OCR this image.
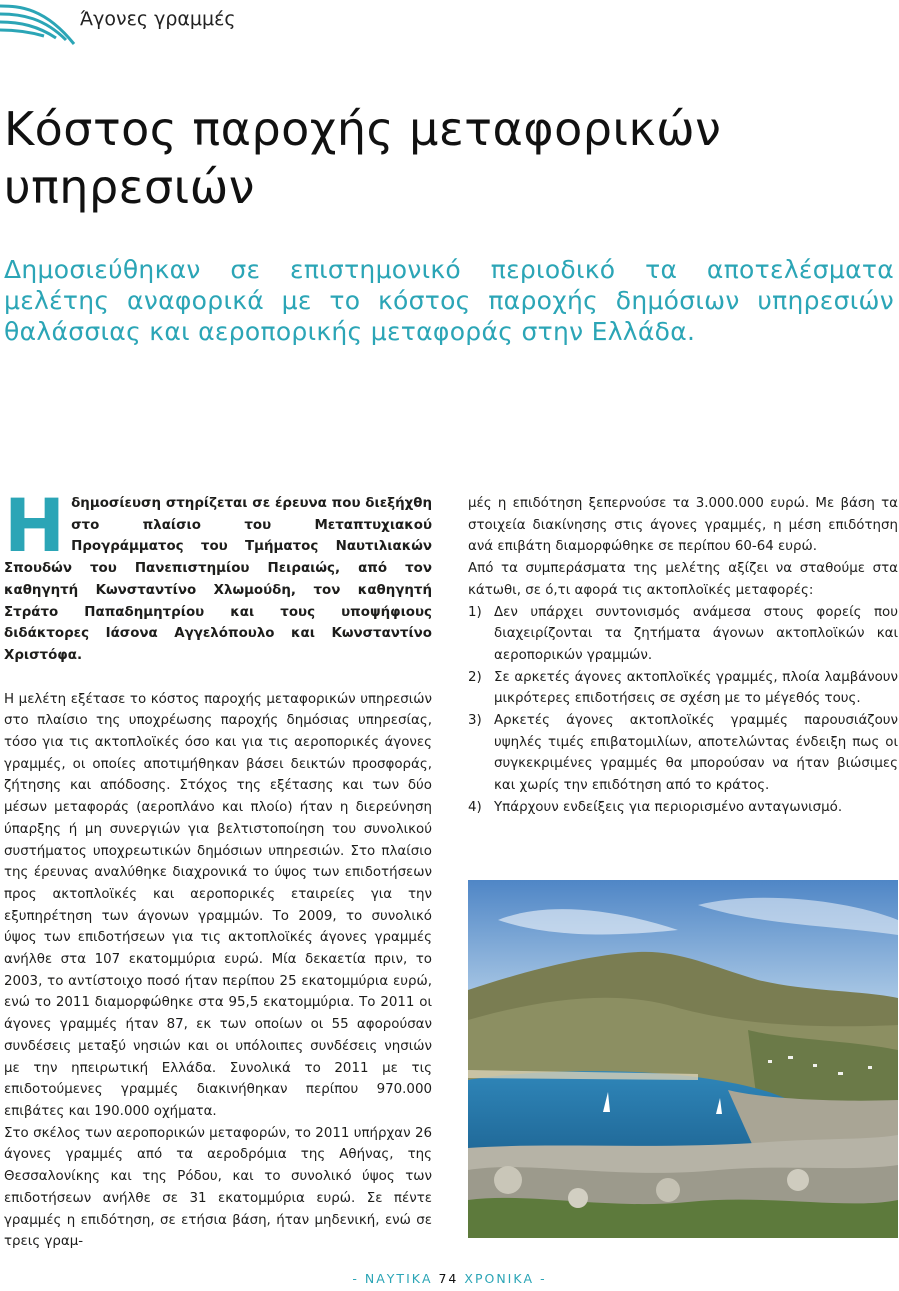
Άγονες γραμμές
Κόστος παροχής μεταφορικών
υπηρεσιών
Δημοσιεύθηκαν σε επιστημονικό περιοδικό τα αποτελέσματα μελέτης αναφορικά με το κόστος παροχής δημόσιων υπηρεσιών θαλάσσιας και αεροπορικής μεταφοράς στην Ελλάδα.

Ηδημοσίευση στηρίζεται σε έρευνα που διεξήχθη στο πλαίσιο του Μεταπτυχιακού Προγράμματος του Τμήματος Ναυτιλιακών Σπουδών του Πανεπιστημίου Πειραιώς, από τον καθηγητή Κωνσταντίνο Χλωμούδη, τον καθηγητή Στράτο Παπαδημητρίου και τους υποψήφιους διδάκτορες Ιάσονα Αγγελόπουλο και Κωνσταντίνο Χριστόφα.

Η μελέτη εξέτασε το κόστος παροχής μεταφορικών υπηρεσιών στο πλαίσιο της υποχρέωσης παροχής δημόσιας υπηρεσίας, τόσο για τις ακτοπλοϊκές όσο και για τις αεροπορικές άγονες γραμμές, οι οποίες αποτιμήθηκαν βάσει δεικτών προσφοράς, ζήτησης και απόδοσης. Στόχος της εξέτασης και των δύο μέσων μεταφοράς (αεροπλάνο και πλοίο) ήταν η διερεύνηση ύπαρξης ή μη συνεργιών για βελτιστοποίηση του συνολικού συστήματος υποχρεωτικών δημόσιων υπηρεσιών. Στο πλαίσιο της έρευνας αναλύθηκε διαχρονικά το ύψος των επιδοτήσεων προς ακτοπλοϊκές και αεροπορικές εταιρείες για την εξυπηρέτηση των άγονων γραμμών. Το 2009, το συνολικό ύψος των επιδοτήσεων για τις ακτοπλοϊκές άγονες γραμμές ανήλθε στα 107 εκατομμύρια ευρώ. Μία δεκαετία πριν, το 2003, το αντίστοιχο ποσό ήταν περίπου 25 εκατομμύρια ευρώ, ενώ το 2011 διαμορφώθηκε στα 95,5 εκατομμύρια. Το 2011 οι άγονες γραμμές ήταν 87, εκ των οποίων οι 55 αφορούσαν συνδέσεις μεταξύ νησιών και οι υπόλοιπες συνδέσεις νησιών με την ηπειρωτική Ελλάδα. Συνολικά το 2011 με τις επιδοτούμενες γραμμές διακινήθηκαν περίπου 970.000 επιβάτες και 190.000 οχήματα.

Στο σκέλος των αεροπορικών μεταφορών, το 2011 υπήρχαν 26 άγονες γραμμές από τα αεροδρόμια της Αθήνας, της Θεσσαλονίκης και της Ρόδου, και το συνολικό ύψος των επιδοτήσεων ανήλθε σε 31 εκατομμύρια ευρώ. Σε πέντε γραμμές η επιδότηση, σε ετήσια βάση, ήταν μηδενική, ενώ σε τρεις γραμ-

μές η επιδότηση ξεπερνούσε τα 3.000.000 ευρώ. Με βάση τα στοιχεία διακίνησης στις άγονες γραμμές, η μέση επιδότηση ανά επιβάτη διαμορφώθηκε σε περίπου 60-64 ευρώ.

Από τα συμπεράσματα της μελέτης αξίζει να σταθούμε στα κάτωθι, σε ό,τι αφορά τις ακτοπλοϊκές μεταφορές:

1) Δεν υπάρχει συντονισμός ανάμεσα στους φορείς που διαχειρίζονται τα ζητήματα άγονων ακτοπλοϊκών και αεροπορικών γραμμών.
2) Σε αρκετές άγονες ακτοπλοϊκές γραμμές, πλοία λαμβάνουν μικρότερες επιδοτήσεις σε σχέση με το μέγεθός τους.
3) Αρκετές άγονες ακτοπλοϊκές γραμμές παρουσιάζουν υψηλές τιμές επιβατομιλίων, αποτελώντας ένδειξη πως οι συγκεκριμένες γραμμές θα μπορούσαν να ήταν βιώσιμες και χωρίς την επιδότηση από το κράτος.
4) Υπάρχουν ενδείξεις για περιορισμένο ανταγωνισμό.
- ΝΑΥΤΙΚΑ 74 ΧΡΟΝΙΚΑ -
